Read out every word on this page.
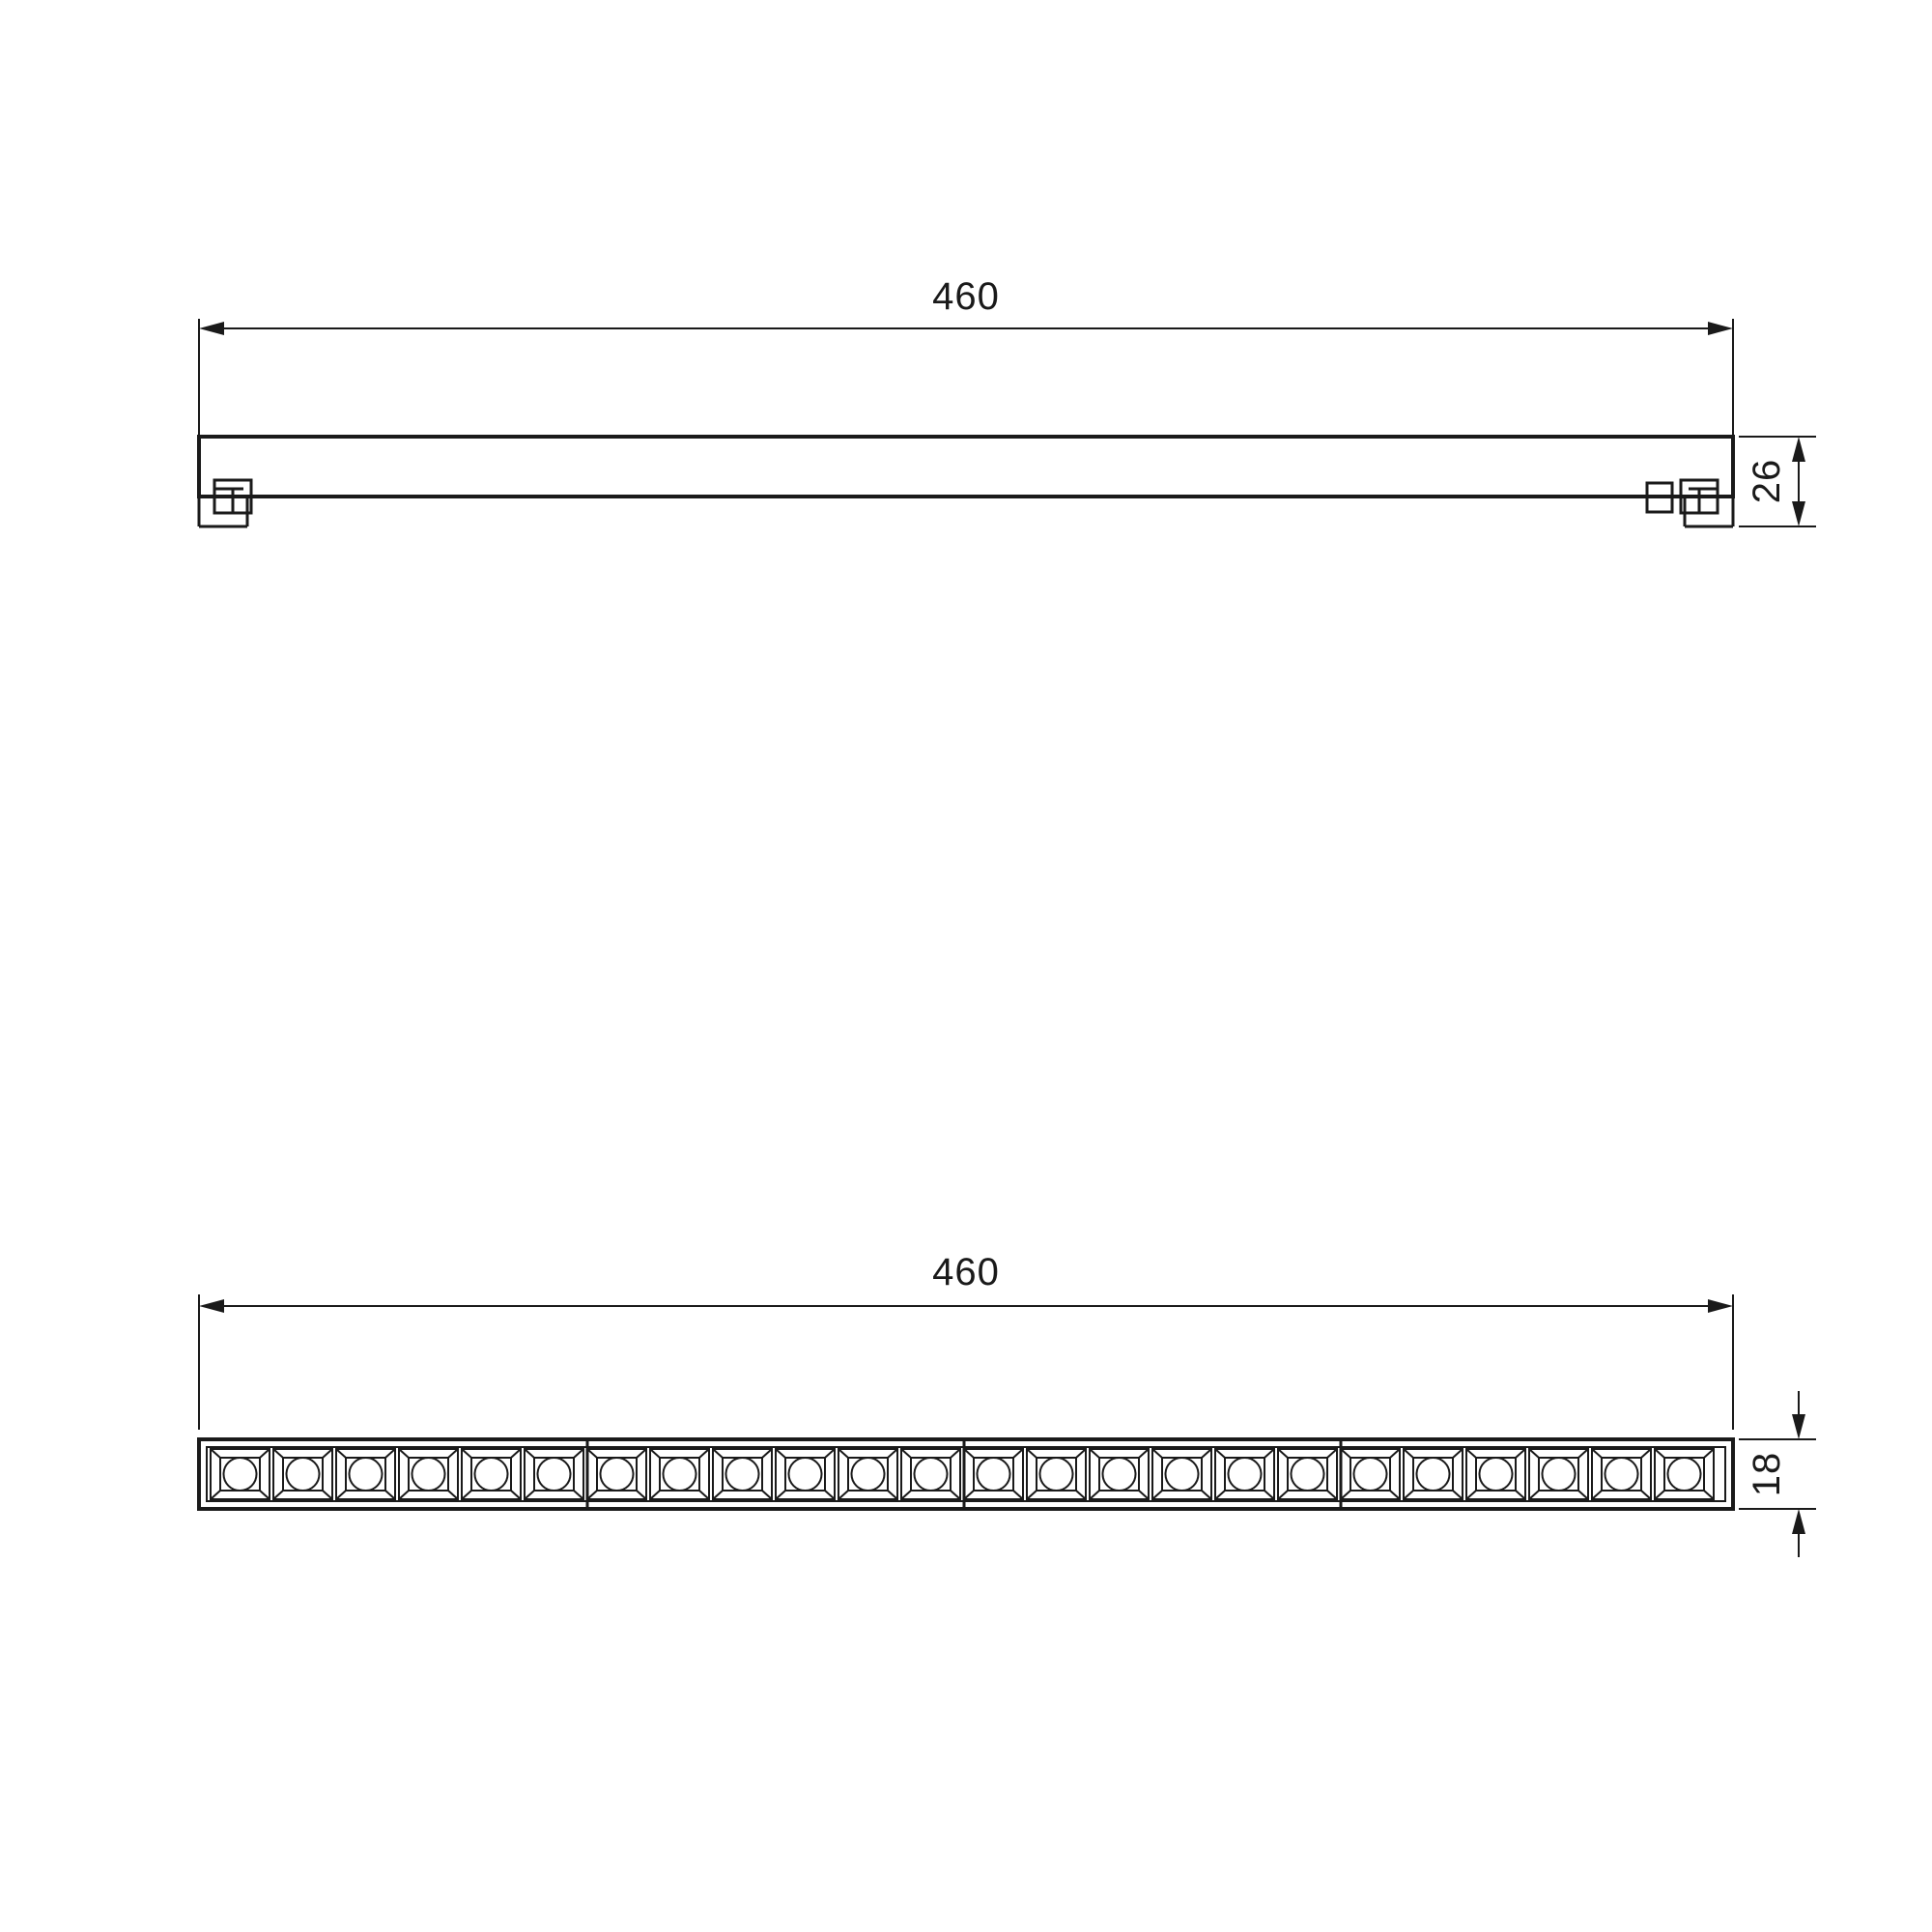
460
26
460
18
